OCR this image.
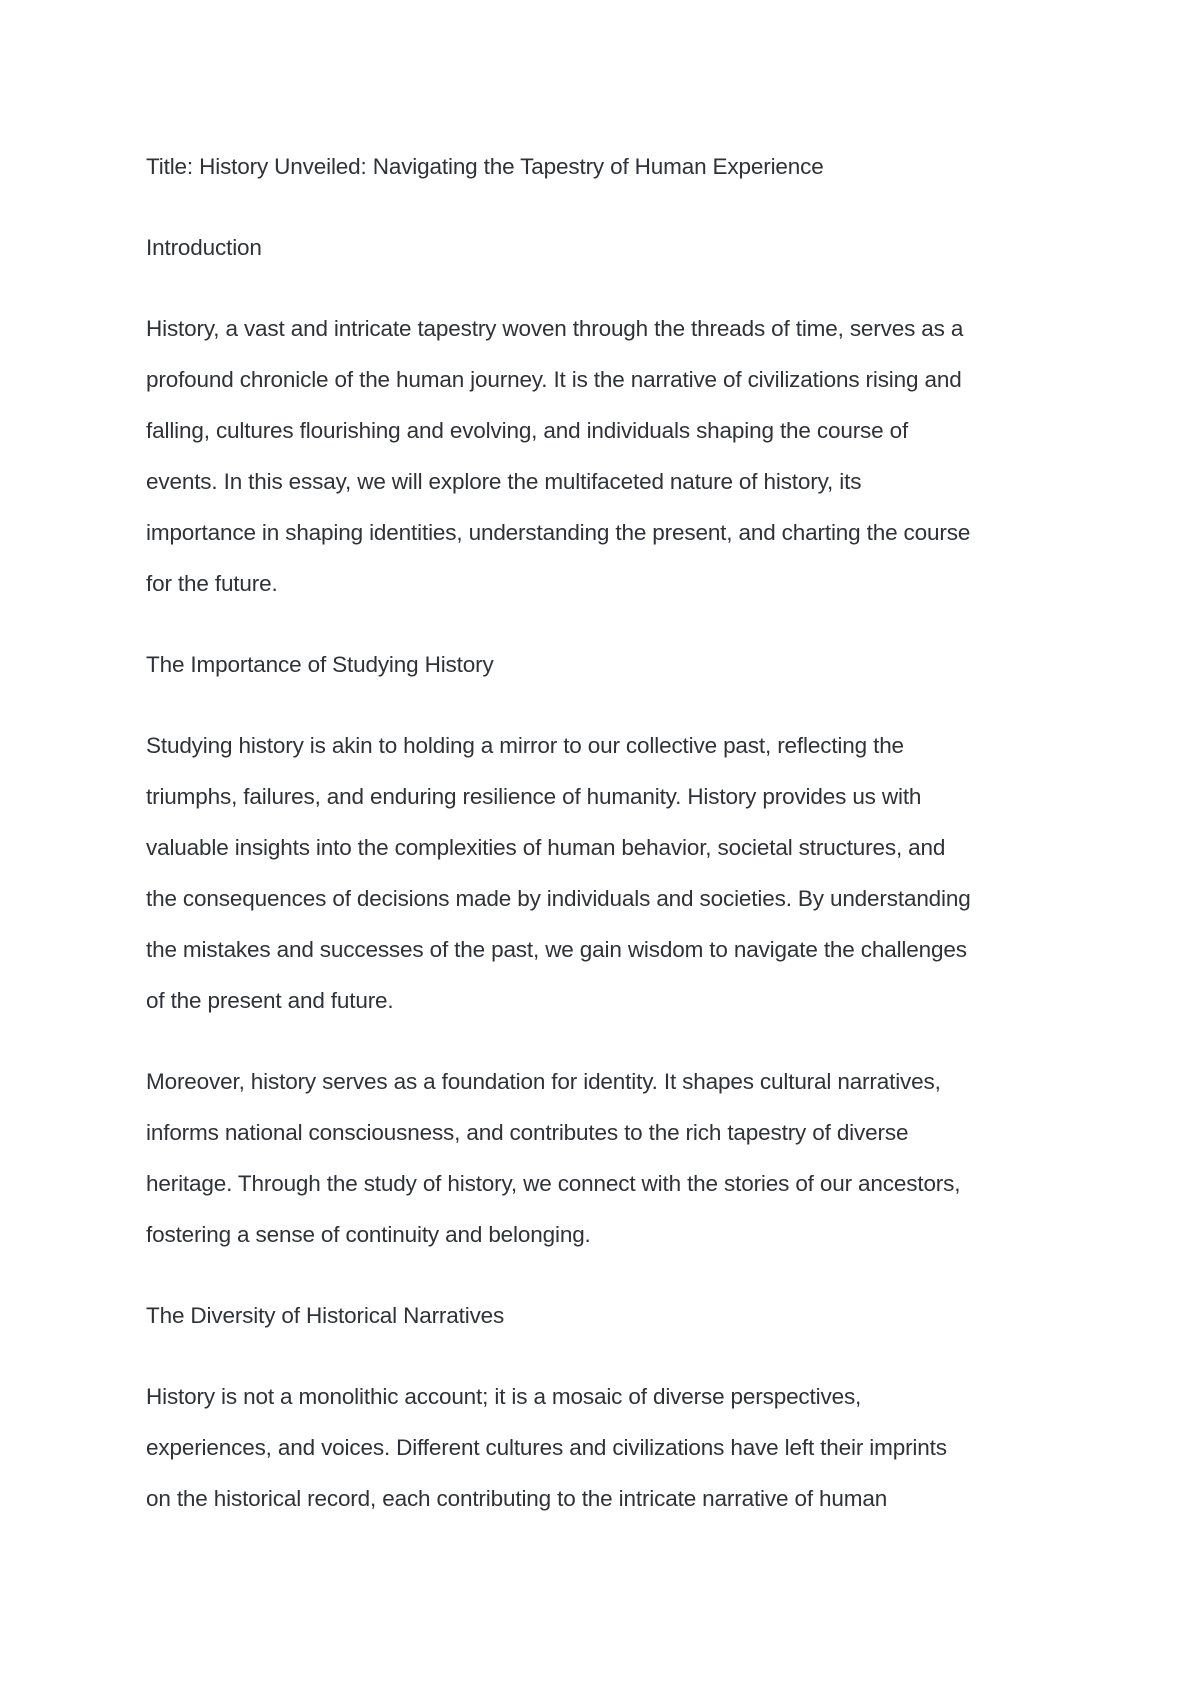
Title: History Unveiled: Navigating the Tapestry of Human Experience
Introduction
History, a vast and intricate tapestry woven through the threads of time, serves as a
profound chronicle of the human journey. It is the narrative of civilizations rising and
falling, cultures flourishing and evolving, and individuals shaping the course of
events. In this essay, we will explore the multifaceted nature of history, its
importance in shaping identities, understanding the present, and charting the course
for the future.
The Importance of Studying History
Studying history is akin to holding a mirror to our collective past, reflecting the
triumphs, failures, and enduring resilience of humanity. History provides us with
valuable insights into the complexities of human behavior, societal structures, and
the consequences of decisions made by individuals and societies. By understanding
the mistakes and successes of the past, we gain wisdom to navigate the challenges
of the present and future.
Moreover, history serves as a foundation for identity. It shapes cultural narratives,
informs national consciousness, and contributes to the rich tapestry of diverse
heritage. Through the study of history, we connect with the stories of our ancestors,
fostering a sense of continuity and belonging.
The Diversity of Historical Narratives
History is not a monolithic account; it is a mosaic of diverse perspectives,
experiences, and voices. Different cultures and civilizations have left their imprints
on the historical record, each contributing to the intricate narrative of human
